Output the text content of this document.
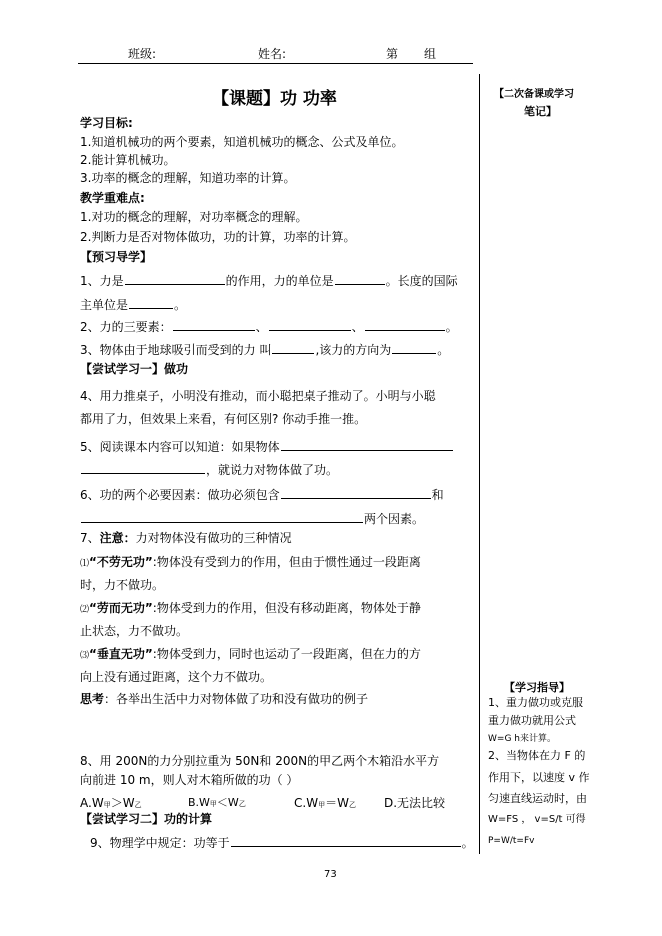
班级:	姓名:	第 组
【二次备课或学习
笔记】
【课题】功 功率
学习目标:
1.知道机械功的两个要素，知道机械功的概念、公式及单位。
2.能计算机械功。
3.功率的概念的理解，知道功率的计算。
教学重难点:
1.对功的概念的理解，对功率概念的理解。
2.判断力是否对物体做功，功的计算，功率的计算。
【预习导学】
1、力是	的作用，力的单位是	。长度的国际
主单位是	。
2、力的三要素：	、	、	。
3、物体由于地球吸引而受到的力 叫	,该力的方向为	。
【尝试学习一】做功
4、用力推桌子，小明没有推动，而小聪把桌子推动了。小明与小聪
都用了力，但效果上来看，有何区别? 你动手推一推。
5、阅读课本内容可以知道：如果物体
，就说力对物体做了功。
6、功的两个必要因素：做功必须包含	和
两个因素。
7、注意：力对物体没有做功的三种情况
⑴“不劳无功”:物体没有受到力的作用，但由于惯性通过一段距离
时，力不做功。
⑵“劳而无功”:物体受到力的作用，但没有移动距离，物体处于静
止状态，力不做功。
⑶“垂直无功”:物体受到力，同时也运动了一段距离，但在力的方
向上没有通过距离，这个力不做功。
思考：各举出生活中力对物体做了功和没有做功的例子
8、用 200N的力分别拉重为 50N和 200N的甲乙两个木箱沿水平方
向前进 10 m，则人对木箱所做的功（ ）
A.W甲＞W乙	B.W甲＜W乙	C.W甲＝W乙 D.无法比较
【尝试学习二】功的计算
9、物理学中规定：功等于	。
【学习指导】
1、重力做功或克服
重力做功就用公式
W=G h来计算。
2、当物体在力 F 的
作用下，以速度 v 作
匀速直线运动时，由
W=FS ， v=S/t 可得
P=W/t=Fv
73
